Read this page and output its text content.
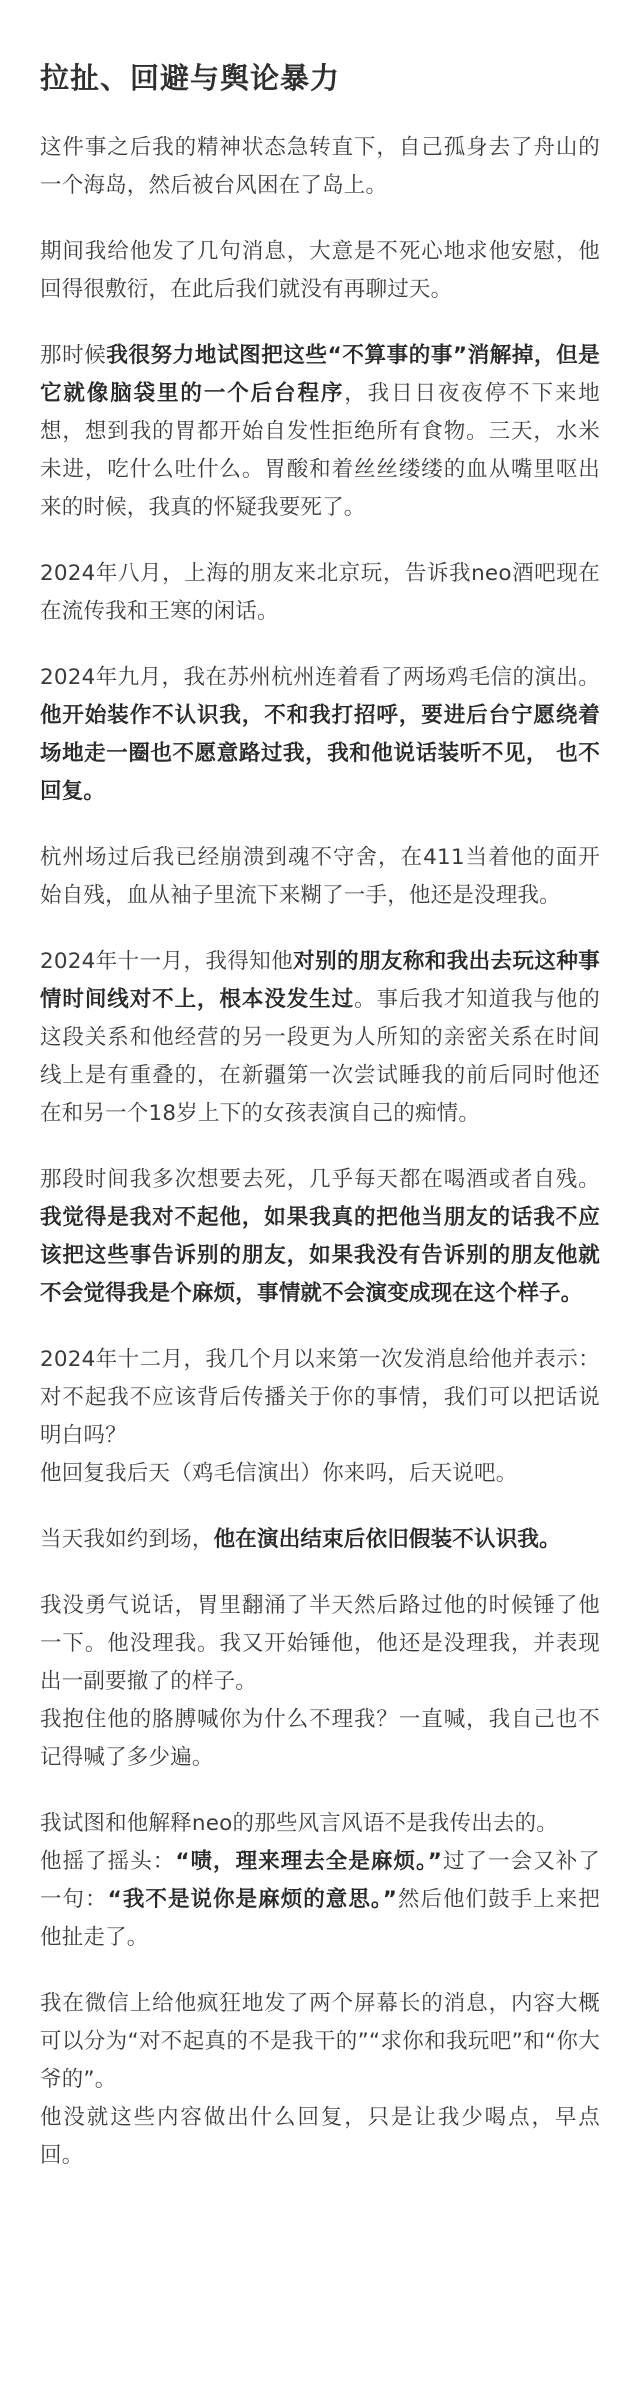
拉扯、回避与舆论暴力

这件事之后我的精神状态急转直下，自己孤身去了舟山的一个海岛，然后被台风困在了岛上。

期间我给他发了几句消息，大意是不死心地求他安慰，他回得很敷衍，在此后我们就没有再聊过天。

那时候我很努力地试图把这些“不算事的事”消解掉，但是它就像脑袋里的一个后台程序，我日日夜夜停不下来地想，想到我的胃都开始自发性拒绝所有食物。三天，水米未进，吃什么吐什么。胃酸和着丝丝缕缕的血从嘴里呕出来的时候，我真的怀疑我要死了。

2024年八月，上海的朋友来北京玩，告诉我neo酒吧现在在流传我和王寒的闲话。

2024年九月，我在苏州杭州连着看了两场鸡毛信的演出。他开始装作不认识我，不和我打招呼，要进后台宁愿绕着场地走一圈也不愿意路过我，我和他说话装听不见， 也不回复。

杭州场过后我已经崩溃到魂不守舍，在411当着他的面开始自残，血从袖子里流下来糊了一手，他还是没理我。

2024年十一月，我得知他对别的朋友称和我出去玩这种事情时间线对不上，根本没发生过。事后我才知道我与他的这段关系和他经营的另一段更为人所知的亲密关系在时间线上是有重叠的，在新疆第一次尝试睡我的前后同时他还在和另一个18岁上下的女孩表演自己的痴情。

那段时间我多次想要去死，几乎每天都在喝酒或者自残。我觉得是我对不起他，如果我真的把他当朋友的话我不应该把这些事告诉别的朋友，如果我没有告诉别的朋友他就不会觉得我是个麻烦，事情就不会演变成现在这个样子。

2024年十二月，我几个月以来第一次发消息给他并表示：对不起我不应该背后传播关于你的事情，我们可以把话说明白吗？
他回复我后天（鸡毛信演出）你来吗，后天说吧。

当天我如约到场，他在演出结束后依旧假装不认识我。

我没勇气说话，胃里翻涌了半天然后路过他的时候锤了他一下。他没理我。我又开始锤他，他还是没理我，并表现出一副要撤了的样子。
我抱住他的胳膊喊你为什么不理我？一直喊，我自己也不记得喊了多少遍。

我试图和他解释neo的那些风言风语不是我传出去的。
他摇了摇头：“啧，理来理去全是麻烦。”过了一会又补了一句：“我不是说你是麻烦的意思。”然后他们鼓手上来把他扯走了。

我在微信上给他疯狂地发了两个屏幕长的消息，内容大概可以分为“对不起真的不是我干的”“求你和我玩吧”和“你大爷的”。
他没就这些内容做出什么回复，只是让我少喝点，早点回。
